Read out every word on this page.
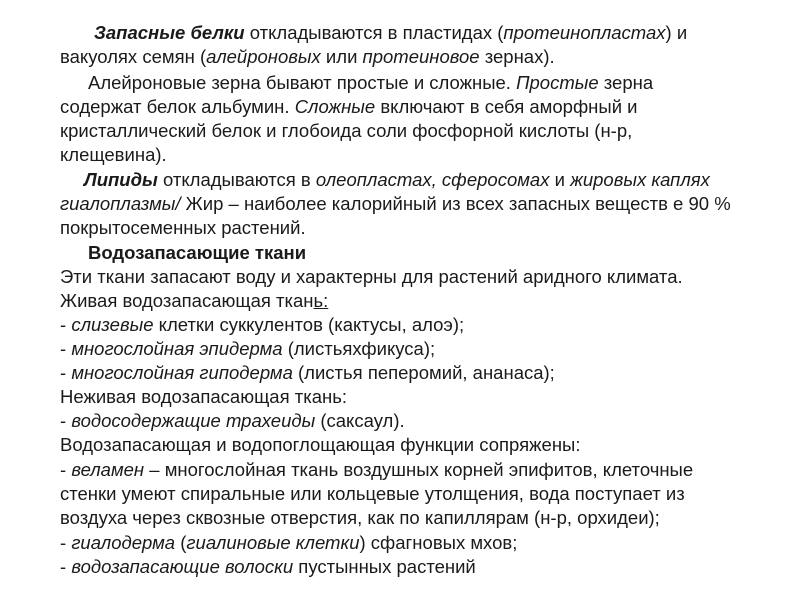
Запасные белки откладываются в пластидах (протеинопластах) и
вакуолях семян (алейроновых или протеиновое зернах).
Алейроновые зерна бывают простые и сложные. Простые зерна
содержат белок альбумин. Сложные включают в себя аморфный и
кристаллический белок и глобоида соли фосфорной кислоты (н-р,
клещевина).
Липиды откладываются в олеопластах, сферосомах и жировых каплях
гиалоплазмы/ Жир – наиболее калорийный из всех запасных веществ е 90 %
покрытосеменных растений.
Водозапасающие ткани
Эти ткани запасают воду и характерны для растений аридного климата.
Живая водозапасающая ткань:
- слизевые клетки суккулентов (кактусы, алоэ);
- многослойная эпидерма (листьяхфикуса);
- многослойная гиподерма (листья пеперомий, ананаса);
Неживая водозапасающая ткань:
- водосодержащие трахеиды (саксаул).
Водозапасающая и водопоглощающая функции сопряжены:
- веламен – многослойная ткань воздушных корней эпифитов, клеточные
стенки умеют спиральные или кольцевые утолщения, вода поступает из
воздуха через сквозные отверстия, как по капиллярам (н-р, орхидеи);
- гиалодерма (гиалиновые клетки) сфагновых мхов;
- водозапасающие волоски пустынных растений
